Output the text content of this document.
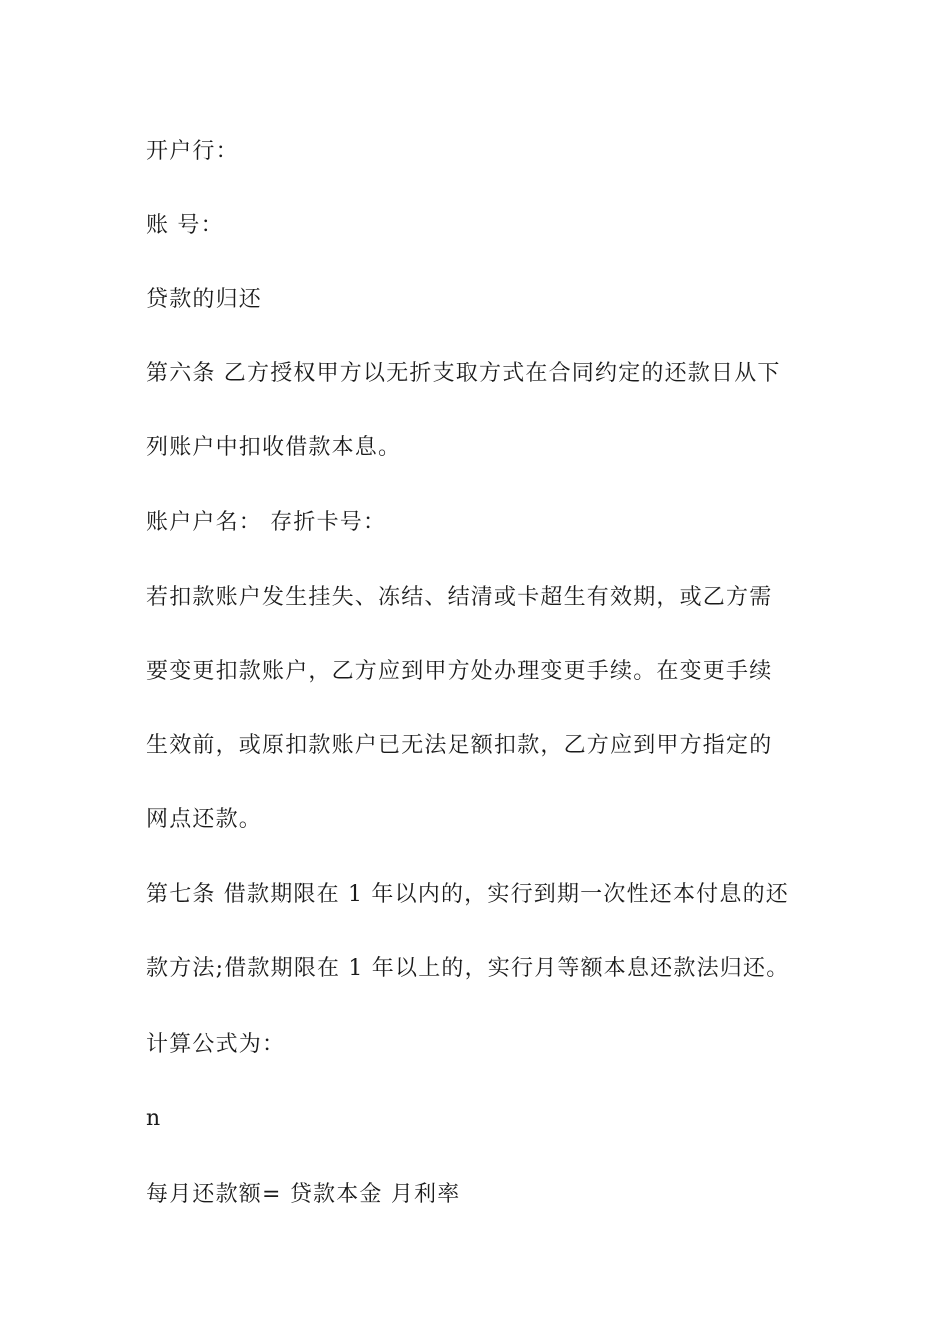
开户行：
账 号：
贷款的归还
第六条 乙方授权甲方以无折支取方式在合同约定的还款日从下
列账户中扣收借款本息。
账户户名： 存折卡号：
若扣款账户发生挂失、冻结、结清或卡超生有效期，或乙方需
要变更扣款账户，乙方应到甲方处办理变更手续。在变更手续
生效前，或原扣款账户已无法足额扣款，乙方应到甲方指定的
网点还款。
第七条 借款期限在 1 年以内的，实行到期一次性还本付息的还
款方法;借款期限在 1 年以上的，实行月等额本息还款法归还。
计算公式为：
n
每月还款额= 贷款本金 月利率
